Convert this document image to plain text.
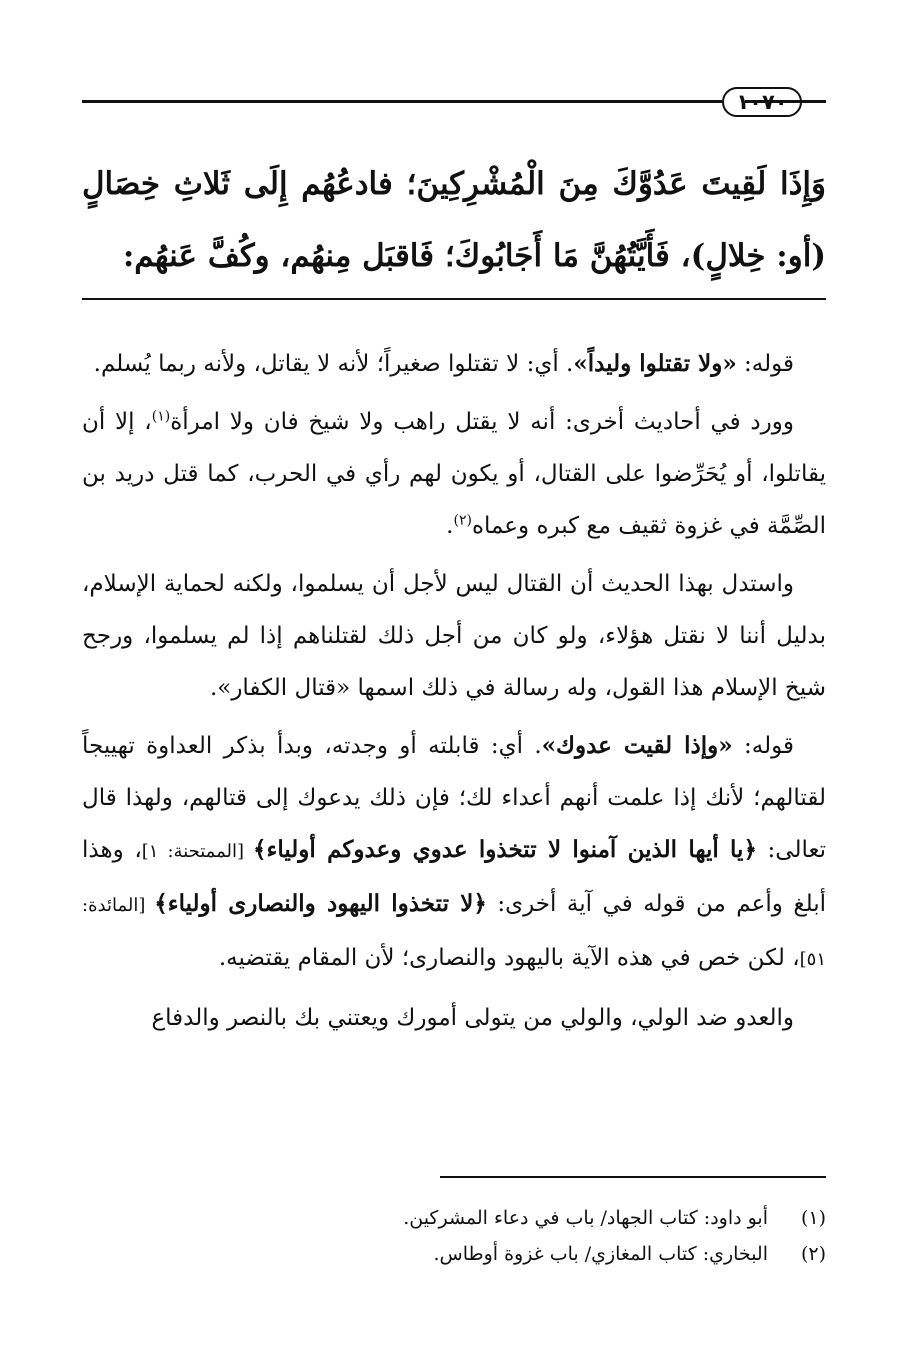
١٠٧٠
وَإِذَا لَقِيتَ عَدُوَّكَ مِنَ الْمُشْرِكِينَ؛ فادعُهُم إِلَى ثَلاثِ خِصَالٍ (أو: خِلالٍ)، فَأَيَّتُهُنَّ مَا أَجَابُوكَ؛ فَاقبَل مِنهُم، وكُفَّ عَنهُم:

قوله: «ولا تقتلوا وليداً». أي: لا تقتلوا صغيراً؛ لأنه لا يقاتل، ولأنه ربما يُسلم.

وورد في أحاديث أخرى: أنه لا يقتل راهب ولا شيخ فان ولا امرأة$^{(١)}$، إلا أن يقاتلوا، أو يُحَرِّضوا على القتال، أو يكون لهم رأي في الحرب، كما قتل دريد بن الصِّمَّة في غزوة ثقيف مع كبره وعماه$^{(٢)}$.

واستدل بهذا الحديث أن القتال ليس لأجل أن يسلموا، ولكنه لحماية الإسلام، بدليل أننا لا نقتل هؤلاء، ولو كان من أجل ذلك لقتلناهم إذا لم يسلموا، ورجح شيخ الإسلام هذا القول، وله رسالة في ذلك اسمها «قتال الكفار».

قوله: «وإذا لقيت عدوك». أي: قابلته أو وجدته، وبدأ بذكر العداوة تهييجاً لقتالهم؛ لأنك إذا علمت أنهم أعداء لك؛ فإن ذلك يدعوك إلى قتالهم، ولهذا قال تعالى: ﴿يا أيها الذين آمنوا لا تتخذوا عدوي وعدوكم أولياء﴾ [الممتحنة: ١]، وهذا أبلغ وأعم من قوله في آية أخرى: ﴿لا تتخذوا اليهود والنصارى أولياء﴾ [المائدة: ٥١]، لكن خص في هذه الآية باليهود والنصارى؛ لأن المقام يقتضيه.

والعدو ضد الولي، والولي من يتولى أمورك ويعتني بك بالنصر والدفاع

(١)
أبو داود: كتاب الجهاد/ باب في دعاء المشركين.
(٢)
البخاري: كتاب المغازي/ باب غزوة أوطاس.
